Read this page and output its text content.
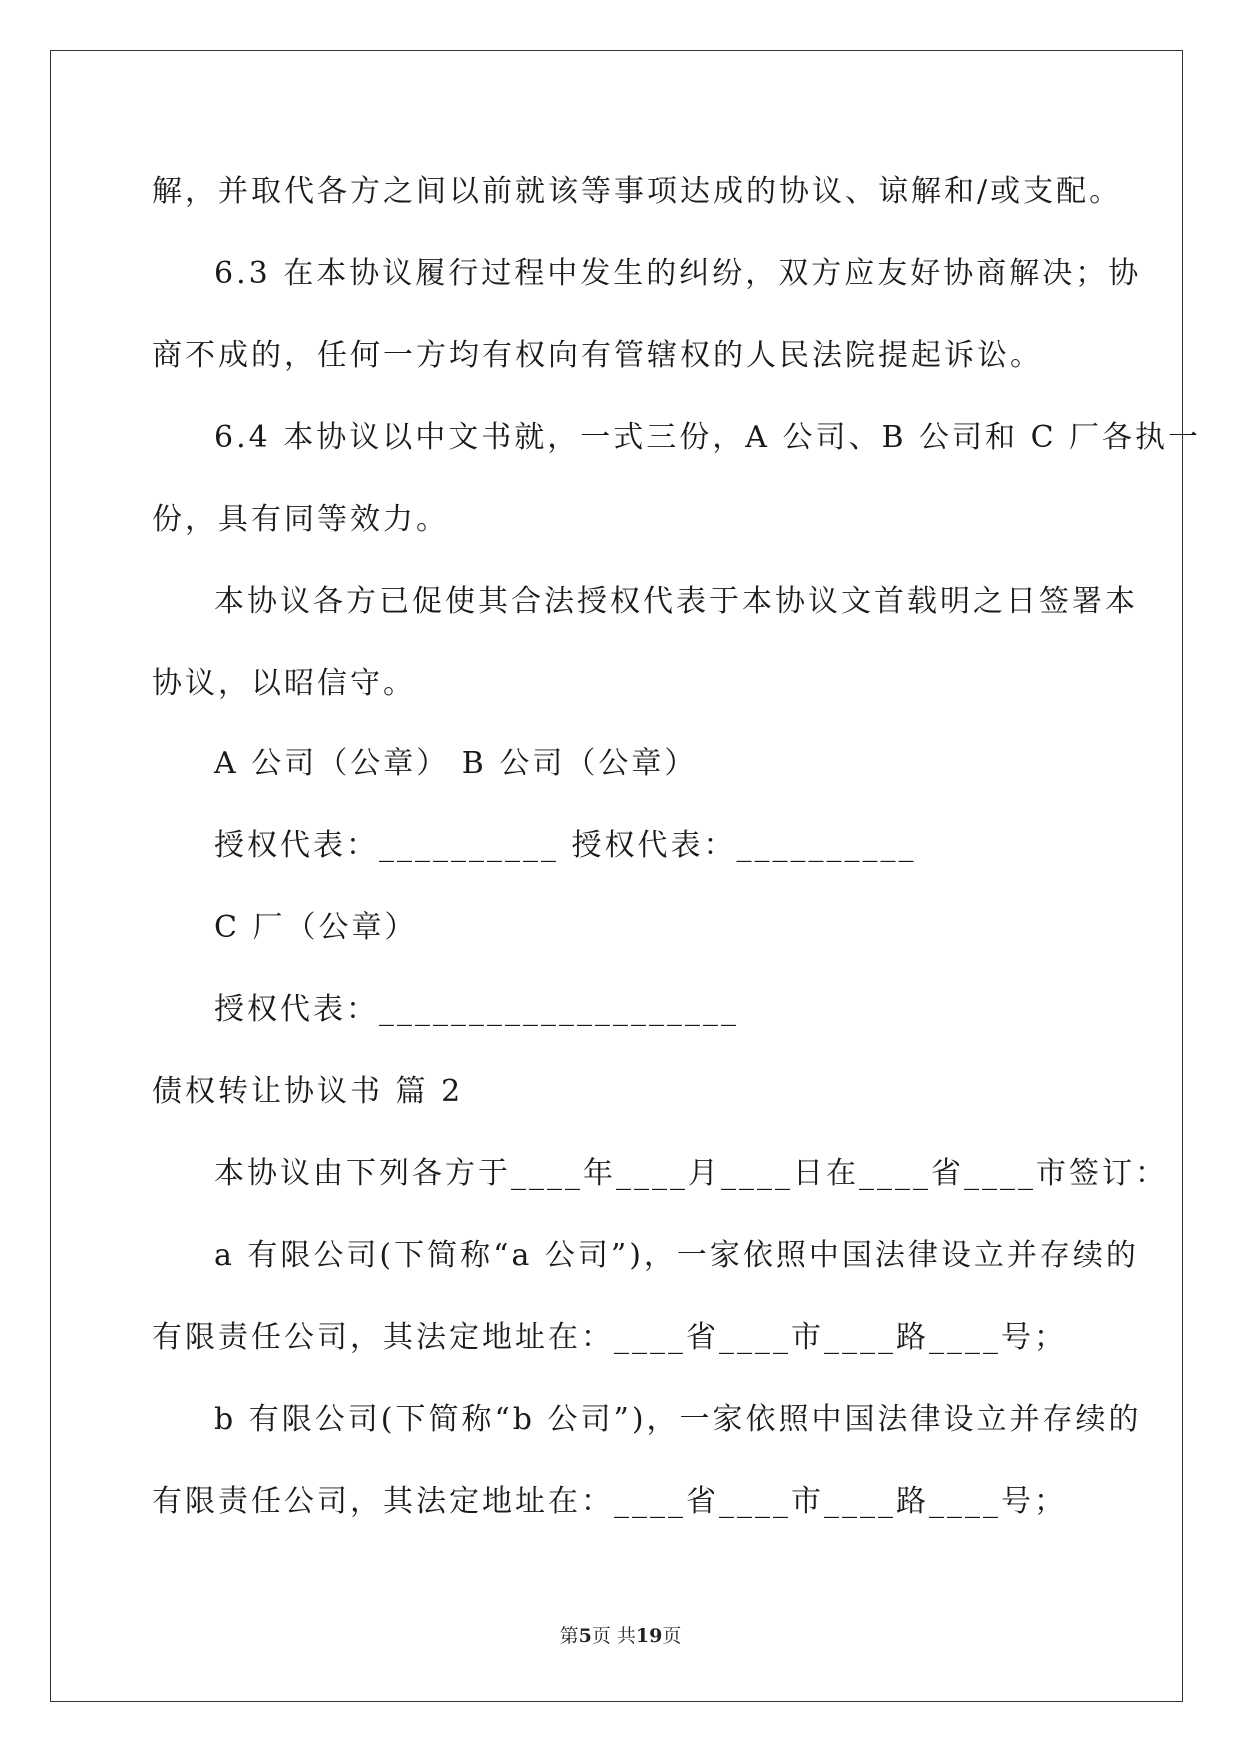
解，并取代各方之间以前就该等事项达成的协议、谅解和/或支配。
6.3 在本协议履行过程中发生的纠纷，双方应友好协商解决；协
商不成的，任何一方均有权向有管辖权的人民法院提起诉讼。
6.4 本协议以中文书就，一式三份，A 公司、B 公司和 C 厂各执一
份，具有同等效力。
本协议各方已促使其合法授权代表于本协议文首载明之日签署本
协议，以昭信守。
A 公司（公章） B 公司（公章）
授权代表：__________ 授权代表：__________
C 厂（公章）
授权代表：____________________
债权转让协议书 篇 2
本协议由下列各方于____年____月____日在____省____市签订：
a 有限公司(下简称“a 公司”)，一家依照中国法律设立并存续的
有限责任公司，其法定地址在：____省____市____路____号；
b 有限公司(下简称“b 公司”)，一家依照中国法律设立并存续的
有限责任公司，其法定地址在：____省____市____路____号；
第5页 共19页
